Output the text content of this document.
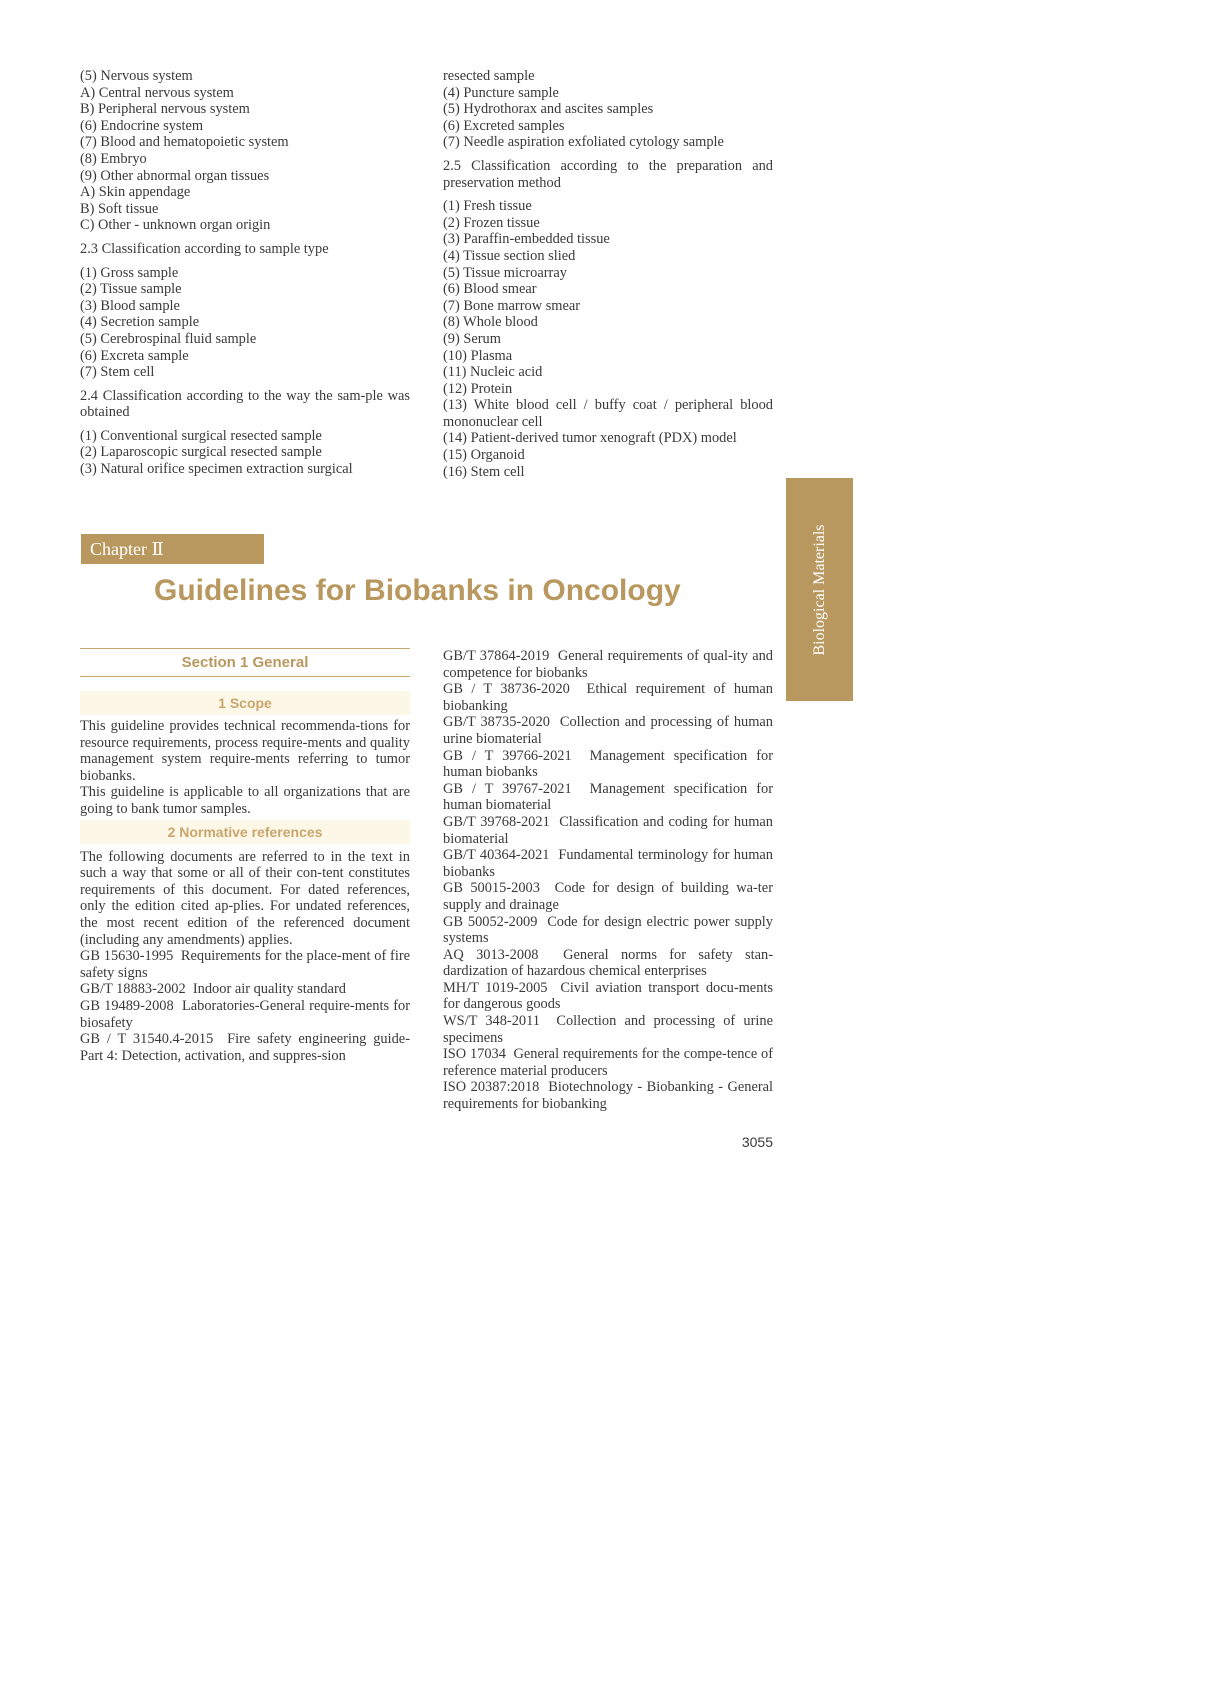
(5) Nervous system
A) Central nervous system
B) Peripheral nervous system
(6) Endocrine system
(7) Blood and hematopoietic system
(8) Embryo
(9) Other abnormal organ tissues
A) Skin appendage
B) Soft tissue
C) Other - unknown organ origin
2.3 Classification according to sample type
(1) Gross sample
(2) Tissue sample
(3) Blood sample
(4) Secretion sample
(5) Cerebrospinal fluid sample
(6) Excreta sample
(7) Stem cell
2.4 Classification according to the way the sam-ple was obtained
(1) Conventional surgical resected sample
(2) Laparoscopic surgical resected sample
(3) Natural orifice specimen extraction surgical
resected sample
(4) Puncture sample
(5) Hydrothorax and ascites samples
(6) Excreted samples
(7) Needle aspiration exfoliated cytology sample
2.5 Classification according to the preparation and preservation method
(1) Fresh tissue
(2) Frozen tissue
(3) Paraffin-embedded tissue
(4) Tissue section slied
(5) Tissue microarray
(6) Blood smear
(7) Bone marrow smear
(8) Whole blood
(9) Serum
(10) Plasma
(11) Nucleic acid
(12) Protein
(13) White blood cell / buffy coat / peripheral blood mononuclear cell
(14) Patient-derived tumor xenograft (PDX) model
(15) Organoid
(16) Stem cell
Biological Materials
Chapter Ⅱ
Guidelines for Biobanks in Oncology
Section 1 General
1 Scope
This guideline provides technical recommenda-tions for resource requirements, process require-ments and quality management system require-ments referring to tumor biobanks.
This guideline is applicable to all organizations that are going to bank tumor samples.
2 Normative references
The following documents are referred to in the text in such a way that some or all of their con-tent constitutes requirements of this document. For dated references, only the edition cited ap-plies. For undated references, the most recent edition of the referenced document (including any amendments) applies.
GB 15630-1995 Requirements for the place-ment of fire safety signs
GB/T 18883-2002 Indoor air quality standard
GB 19489-2008 Laboratories-General require-ments for biosafety
GB / T 31540.4-2015 Fire safety engineering guide- Part 4: Detection, activation, and suppres-sion
GB/T 37864-2019 General requirements of qual-ity and competence for biobanks
GB / T 38736-2020 Ethical requirement of human biobanking
GB/T 38735-2020 Collection and processing of human urine biomaterial
GB / T 39766-2021 Management specification for human biobanks
GB / T 39767-2021 Management specification for human biomaterial
GB/T 39768-2021 Classification and coding for human biomaterial
GB/T 40364-2021 Fundamental terminology for human biobanks
GB 50015-2003 Code for design of building wa-ter supply and drainage
GB 50052-2009 Code for design electric power supply systems
AQ 3013-2008 General norms for safety stan-dardization of hazardous chemical enterprises
MH/T 1019-2005 Civil aviation transport docu-ments for dangerous goods
WS/T 348-2011 Collection and processing of urine specimens
ISO 17034 General requirements for the compe-tence of reference material producers
ISO 20387:2018 Biotechnology - Biobanking - General requirements for biobanking
3055
